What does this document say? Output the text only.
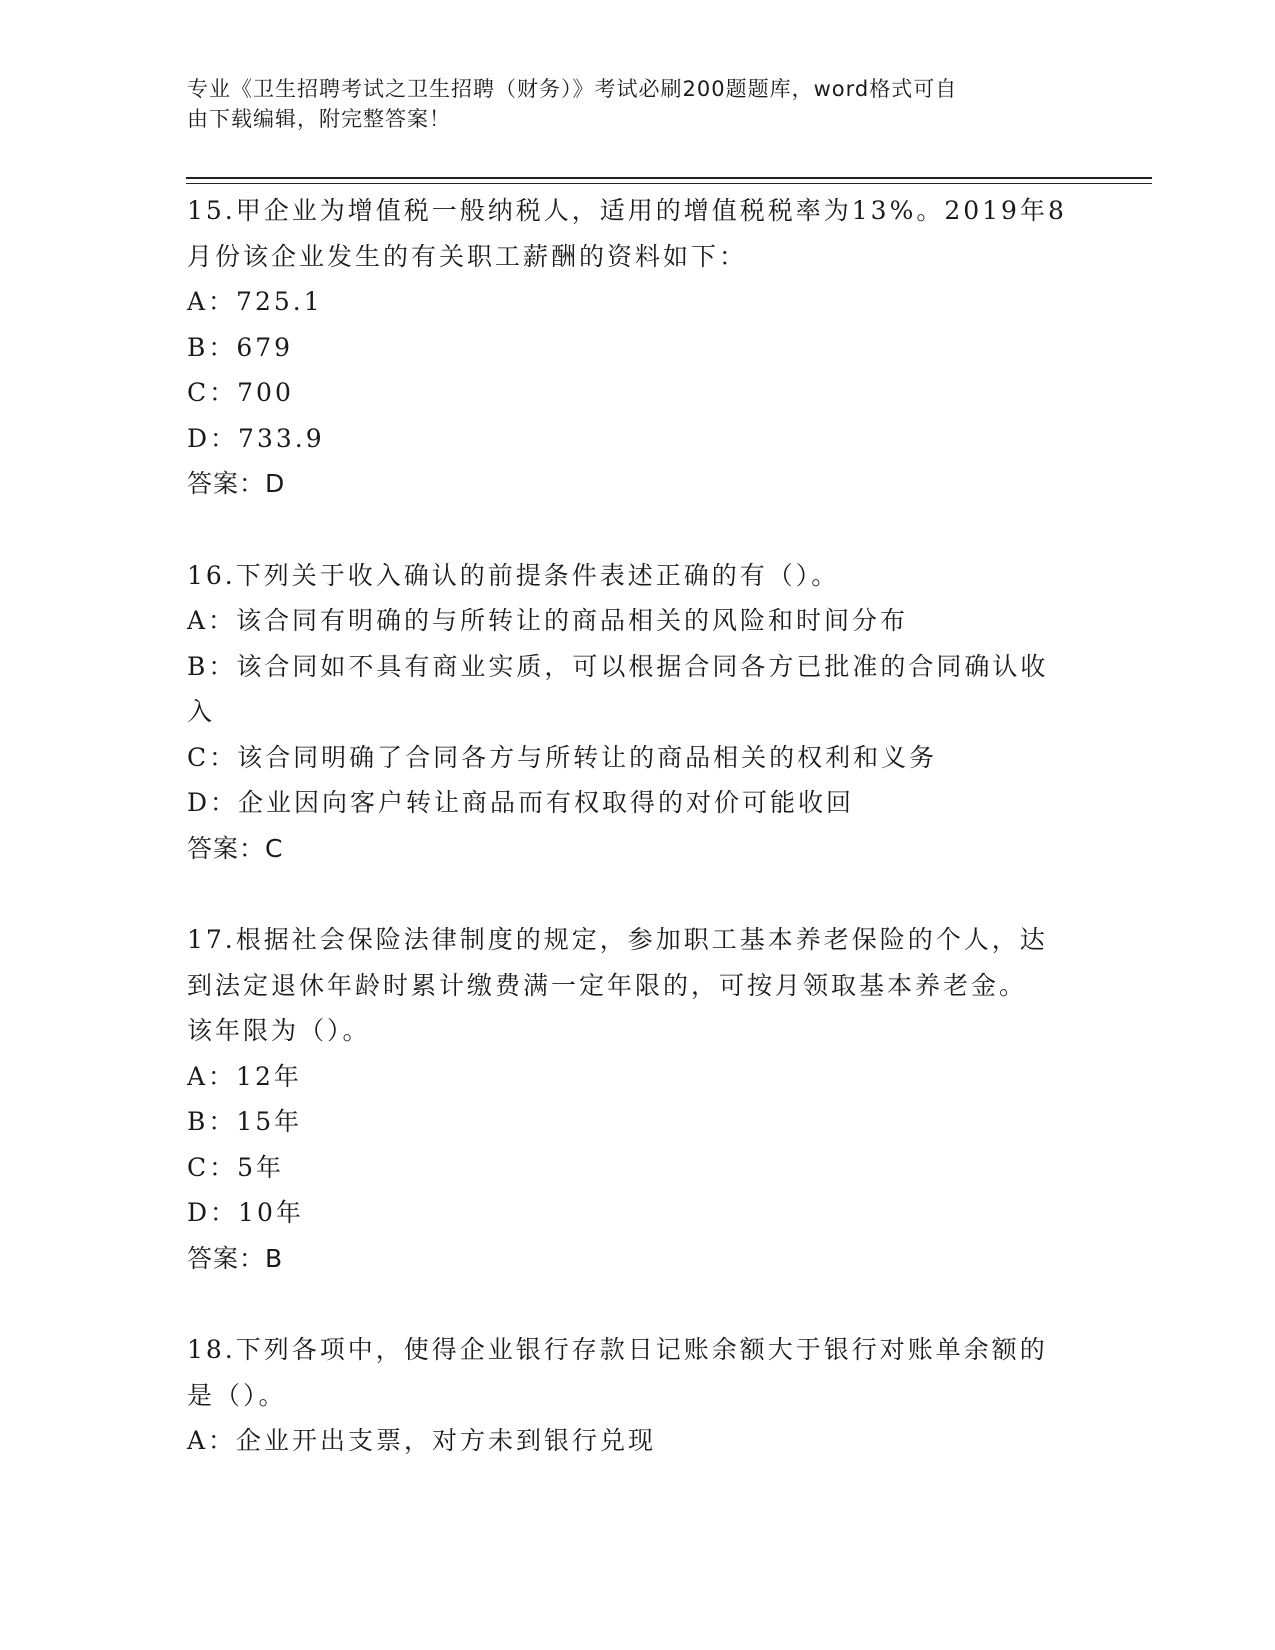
专业《卫生招聘考试之卫生招聘（财务）》考试必刷200题题库，word格式可自
由下载编辑，附完整答案！
15.甲企业为增值税一般纳税人，适用的增值税税率为13%。2019年8
月份该企业发生的有关职工薪酬的资料如下：
A：725.1
B：679
C：700
D：733.9
答案：D
16.下列关于收入确认的前提条件表述正确的有（）。
A：该合同有明确的与所转让的商品相关的风险和时间分布
B：该合同如不具有商业实质，可以根据合同各方已批准的合同确认收
入
C：该合同明确了合同各方与所转让的商品相关的权利和义务
D：企业因向客户转让商品而有权取得的对价可能收回
答案：C
17.根据社会保险法律制度的规定，参加职工基本养老保险的个人，达
到法定退休年龄时累计缴费满一定年限的，可按月领取基本养老金。
该年限为（）。
A：12年
B：15年
C：5年
D：10年
答案：B
18.下列各项中，使得企业银行存款日记账余额大于银行对账单余额的
是（）。
A：企业开出支票，对方未到银行兑现
